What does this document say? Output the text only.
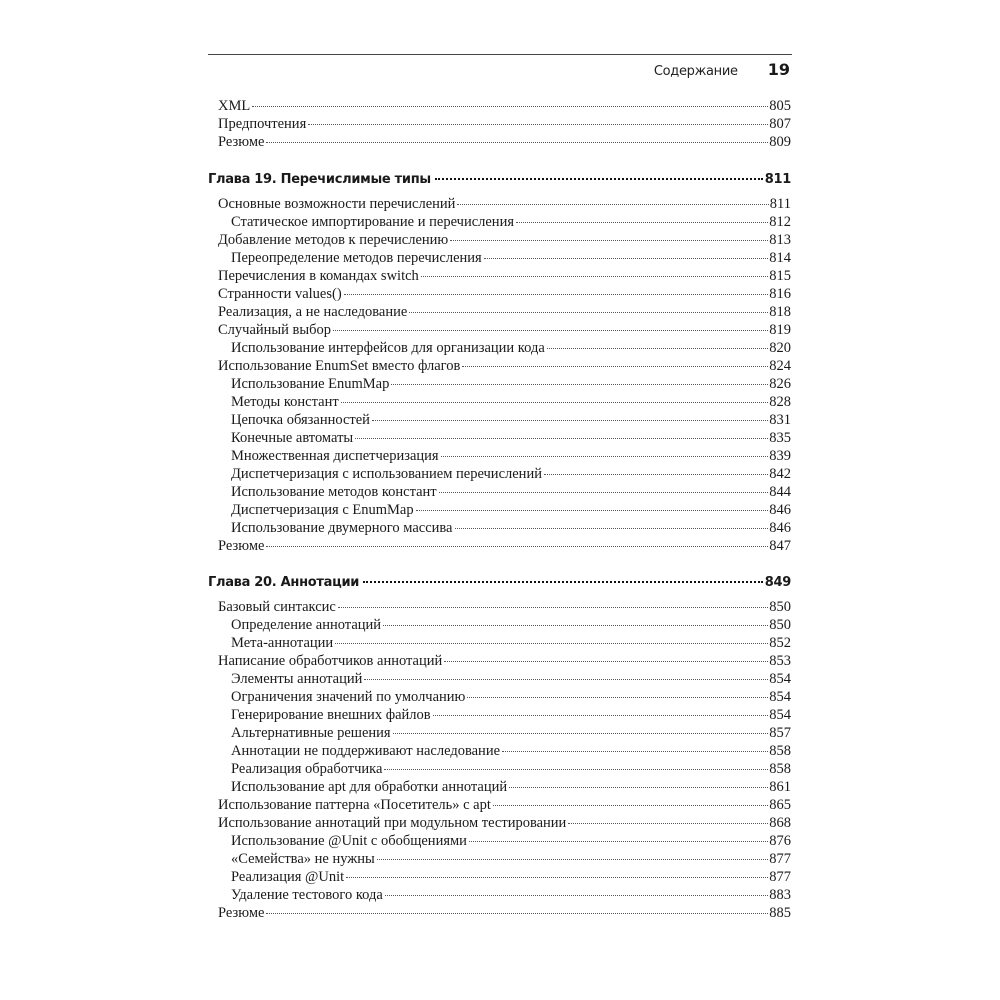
Содержание 19
XML	805
Предпочтения	807
Резюме	809
Глава 19. Перечислимые типы	811
Основные возможности перечислений	811
Статическое импортирование и перечисления	812
Добавление методов к перечислению	813
Переопределение методов перечисления	814
Перечисления в командах switch	815
Странности values()	816
Реализация, а не наследование	818
Случайный выбор	819
Использование интерфейсов для организации кода	820
Использование EnumSet вместо флагов	824
Использование EnumMap	826
Методы констант	828
Цепочка обязанностей	831
Конечные автоматы	835
Множественная диспетчеризация	839
Диспетчеризация с использованием перечислений	842
Использование методов констант	844
Диспетчеризация с EnumMap	846
Использование двумерного массива	846
Резюме	847
Глава 20. Аннотации	849
Базовый синтаксис	850
Определение аннотаций	850
Мета-аннотации	852
Написание обработчиков аннотаций	853
Элементы аннотаций	854
Ограничения значений по умолчанию	854
Генерирование внешних файлов	854
Альтернативные решения	857
Аннотации не поддерживают наследование	858
Реализация обработчика	858
Использование apt для обработки аннотаций	861
Использование паттерна «Посетитель» с apt	865
Использование аннотаций при модульном тестировании	868
Использование @Unit с обобщениями	876
«Семейства» не нужны	877
Реализация @Unit	877
Удаление тестового кода	883
Резюме	885
